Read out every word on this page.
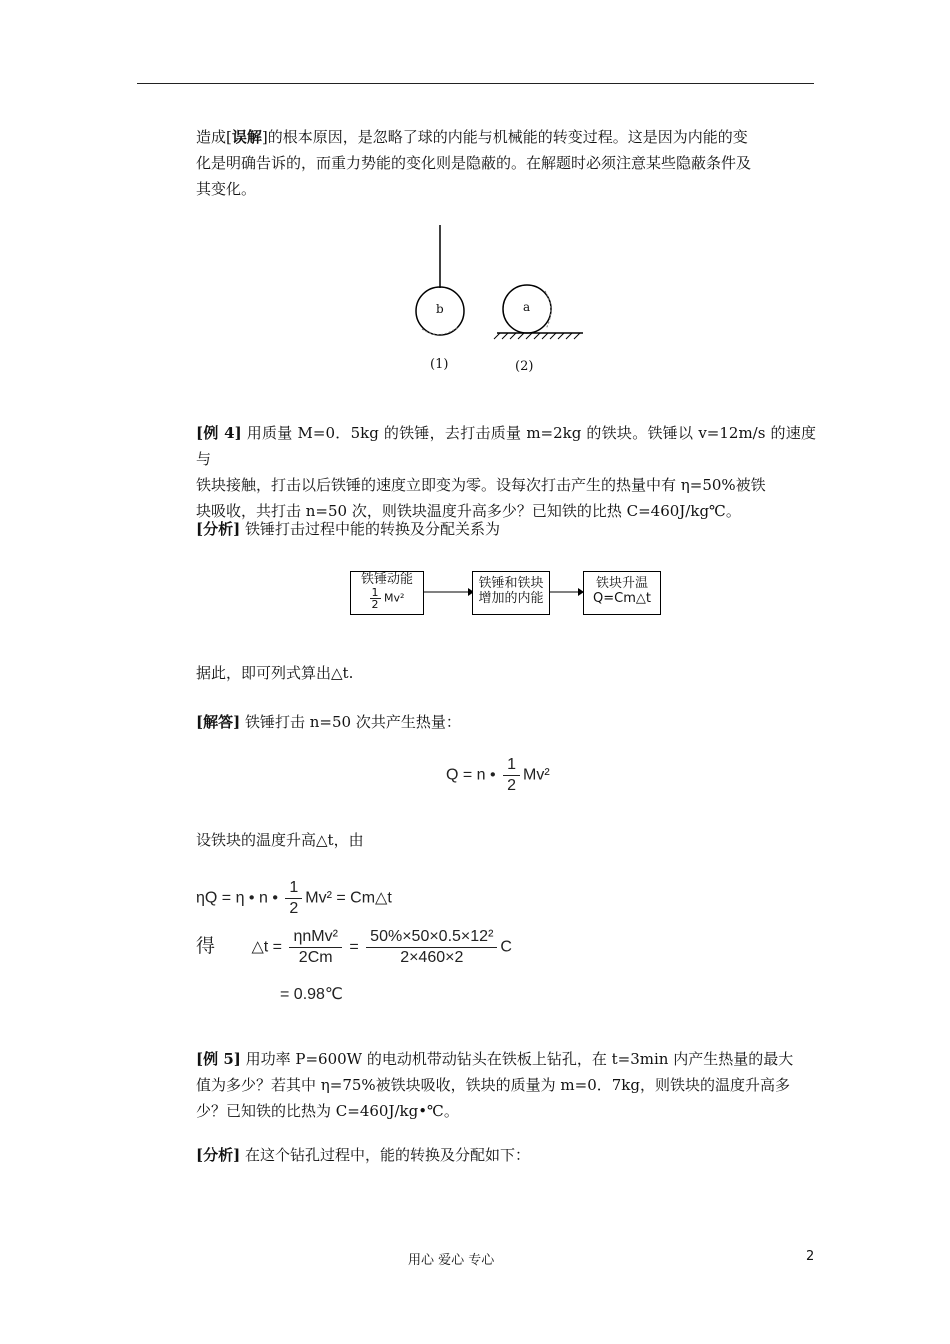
造成[误解]的根本原因，是忽略了球的内能与机械能的转变过程。这是因为内能的变
化是明确告诉的，而重力势能的变化则是隐蔽的。在解题时必须注意某些隐蔽条件及
其变化。
b	a
(1)	(2)
[例 4] 用质量 M=0．5kg 的铁锤，去打击质量 m=2kg 的铁块。铁锤以 v=12m/s 的速度与
铁块接触，打击以后铁锤的速度立即变为零。设每次打击产生的热量中有 η=50%被铁
块吸收，共打击 n=50 次，则铁块温度升高多少？已知铁的比热 C=460J/kg℃。
[分析] 铁锤打击过程中能的转换及分配关系为
铁锤动能
$\frac{1}{2} Mv^2$
铁锤和铁块
增加的内能
铁块升温
Q=Cm△t
据此，即可列式算出△t.
[解答] 铁锤打击 n=50 次共产生热量：
Q = n • $\frac{1}{2} Mv^2$
设铁块的温度升高△t，由
ηQ = η • n • $\frac{1}{2} Mv^2$ = Cm△t
得 △t = $\frac{\text{ηnMv²}}{2Cm} = \frac{\text{50\%×50×0.5×12²}}{2\times 460\times 2}$ C
= 0.98℃
[例 5] 用功率 P=600W 的电动机带动钻头在铁板上钻孔，在 t=3min 内产生热量的最大
值为多少？若其中 η=75%被铁块吸收，铁块的质量为 m=0．7kg，则铁块的温度升高多
少？已知铁的比热为 C=460J/kg•℃。
[分析] 在这个钻孔过程中，能的转换及分配如下：
用心 爱心 专心	2
